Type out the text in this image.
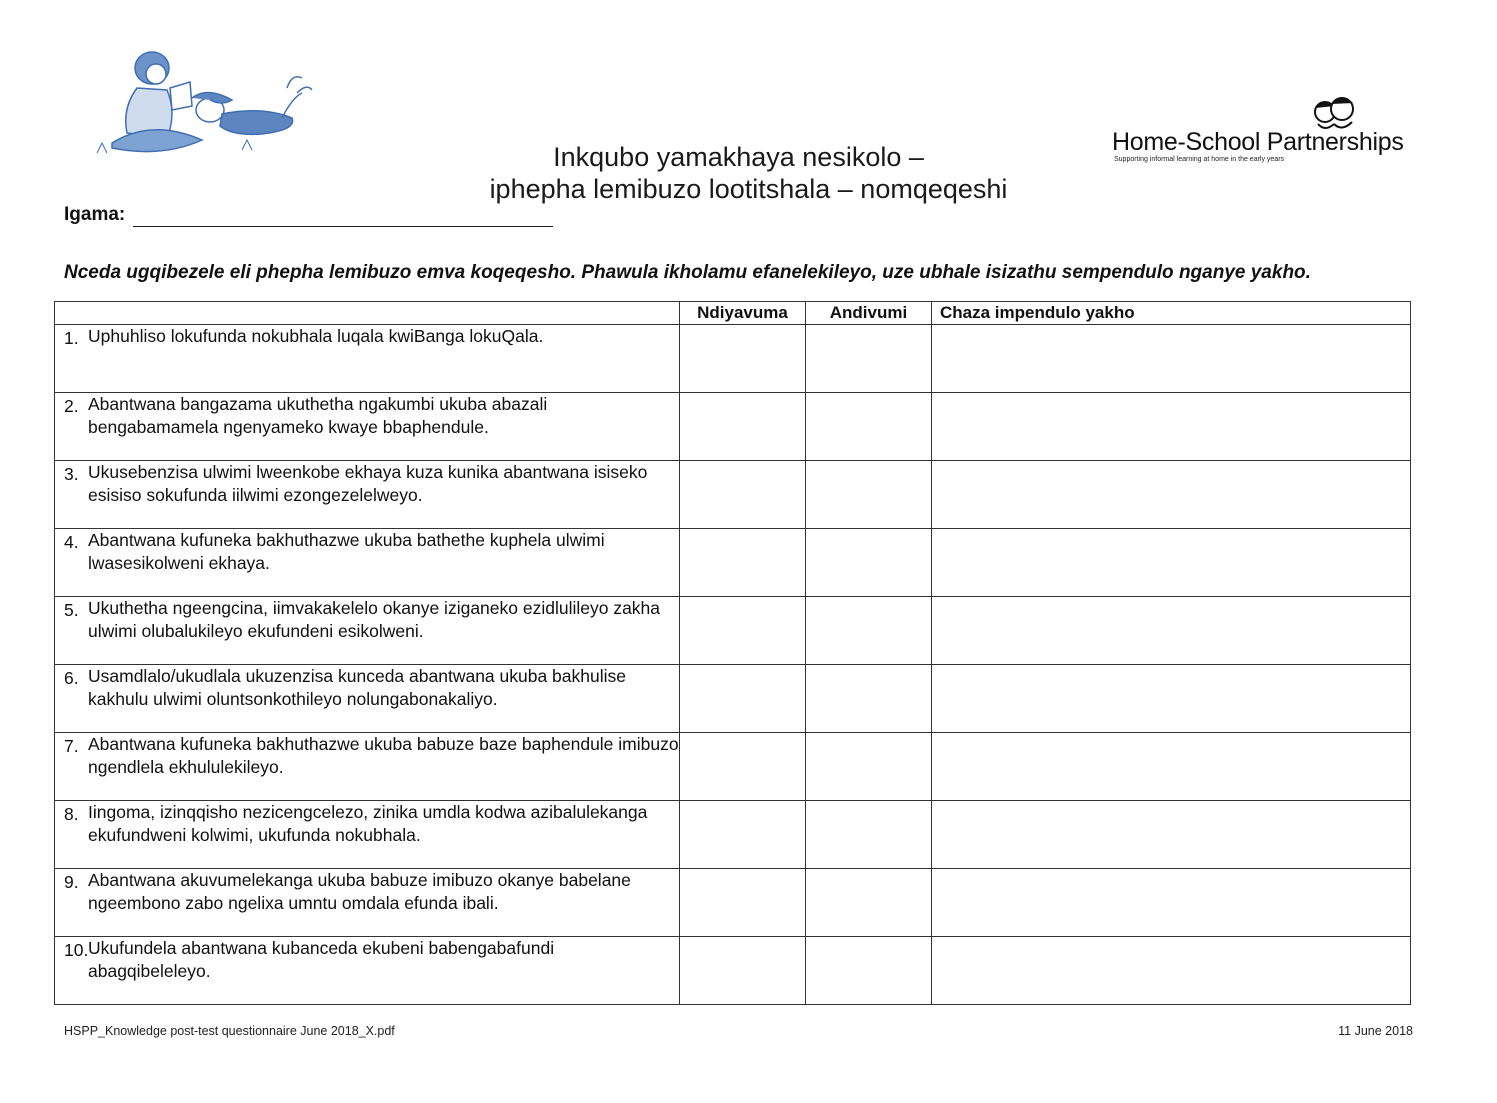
Home-School Partnerships
Supporting informal learning at home in the early years
Inkqubo yamakhaya nesikolo –
iphepha lemibuzo lootitshala – nomqeqeshi
Igama:
Nceda ugqibezele eli phepha lemibuzo emva koqeqesho. Phawula ikholamu efanelekileyo, uze ubhale isizathu sempendulo nganye yakho.
	Ndiyavuma	Andivumi	Chaza impendulo yakho

1. Uphuhliso lokufunda nokubhala luqala kwiBanga lokuQala.			

2. Abantwana bangazama ukuthetha ngakumbi ukuba abazali bengabamamela ngenyameko kwaye bbaphendule.			

3. Ukusebenzisa ulwimi lweenkobe ekhaya kuza kunika abantwana isiseko esisiso sokufunda iilwimi ezongezelelweyo.			

4. Abantwana kufuneka bakhuthazwe ukuba bathethe kuphela ulwimi lwasesikolweni ekhaya.			

5. Ukuthetha ngeengcina, iimvakakelelo okanye iziganeko ezidlulileyo zakha ulwimi olubalukileyo ekufundeni esikolweni.			

6. Usamdlalo/ukudlala ukuzenzisa kunceda abantwana ukuba bakhulise kakhulu ulwimi oluntsonkothileyo nolungabonakaliyo.			

7. Abantwana kufuneka bakhuthazwe ukuba babuze baze baphendule imibuzo ngendlela ekhululekileyo.			

8. Iingoma, izinqqisho nezicengcelezo, zinika umdla kodwa azibalulekanga ekufundweni kolwimi, ukufunda nokubhala.			

9. Abantwana akuvumelekanga ukuba babuze imibuzo okanye babelane ngeembono zabo ngelixa umntu omdala efunda ibali.			

10. Ukufundela abantwana kubanceda ekubeni babengabafundi abagqibeleleyo.			

HSPP_Knowledge post-test questionnaire June 2018_X.pdf	11 June 2018
